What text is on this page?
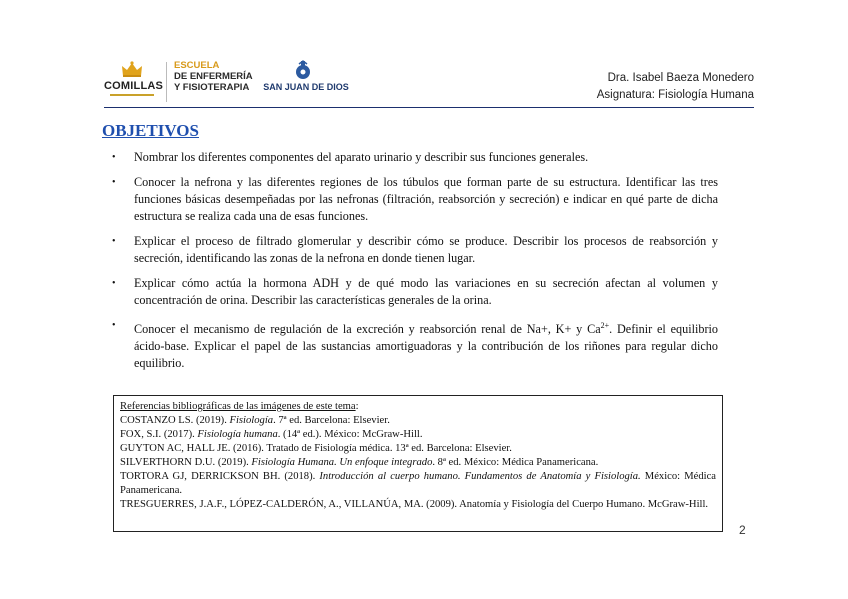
COMILLAS
ESCUELA
DE ENFERMERÍA
Y FISIOTERAPIA	SAN JUAN DE DIOS
Dra. Isabel Baeza Monedero
Asignatura: Fisiología Humana
OBJETIVOS
• Nombrar los diferentes componentes del aparato urinario y describir sus funciones generales.
• Conocer la nefrona y las diferentes regiones de los túbulos que forman parte de su estructura. Identificar las tres funciones básicas desempeñadas por las nefronas (filtración, reabsorción y secreción) e indicar en qué parte de dicha estructura se realiza cada una de esas funciones.
• Explicar el proceso de filtrado glomerular y describir cómo se produce. Describir los procesos de reabsorción y secreción, identificando las zonas de la nefrona en donde tienen lugar.
• Explicar cómo actúa la hormona ADH y de qué modo las variaciones en su secreción afectan al volumen y concentración de orina. Describir las características generales de la orina.
• Conocer el mecanismo de regulación de la excreción y reabsorción renal de Na+, K+ y $Ca^{2+}$. Definir el equilibrio ácido-base. Explicar el papel de las sustancias amortiguadoras y la contribución de los riñones para regular dicho equilibrio.
Referencias bibliográficas de las imágenes de este tema:
COSTANZO LS. (2019). Fisiología. 7ª ed. Barcelona: Elsevier.
FOX, S.I. (2017). Fisiología humana. (14ª ed.). México: McGraw-Hill.
GUYTON AC, HALL JE. (2016). Tratado de Fisiología médica. 13ª ed. Barcelona: Elsevier.
SILVERTHORN D.U. (2019). Fisiología Humana. Un enfoque integrado. 8ª ed. México: Médica Panamericana.
TORTORA GJ, DERRICKSON BH. (2018). Introducción al cuerpo humano. Fundamentos de Anatomía y Fisiología. México: Médica Panamericana.
TRESGUERRES, J.A.F., LÓPEZ-CALDERÓN, A., VILLANÚA, MA. (2009). Anatomía y Fisiología del Cuerpo Humano. McGraw-Hill.
2
